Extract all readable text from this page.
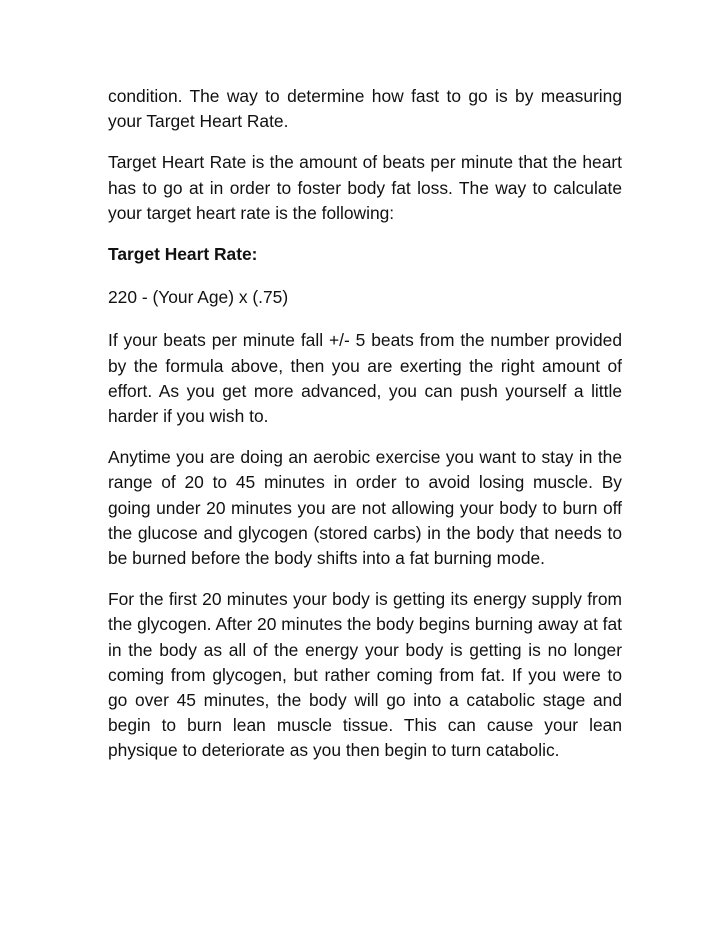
condition. The way to determine how fast to go is by measuring your Target Heart Rate.

Target Heart Rate is the amount of beats per minute that the heart has to go at in order to foster body fat loss. The way to calculate your target heart rate is the following:

Target Heart Rate:

220 - (Your Age) x (.75)

If your beats per minute fall +/- 5 beats from the number provided by the formula above, then you are exerting the right amount of effort. As you get more advanced, you can push yourself a little harder if you wish to.

Anytime you are doing an aerobic exercise you want to stay in the range of 20 to 45 minutes in order to avoid losing muscle. By going under 20 minutes you are not allowing your body to burn off the glucose and glycogen (stored carbs) in the body that needs to be burned before the body shifts into a fat burning mode.

For the first 20 minutes your body is getting its energy supply from the glycogen. After 20 minutes the body begins burning away at fat in the body as all of the energy your body is getting is no longer coming from glycogen, but rather coming from fat. If you were to go over 45 minutes, the body will go into a catabolic stage and begin to burn lean muscle tissue. This can cause your lean physique to deteriorate as you then begin to turn catabolic.
